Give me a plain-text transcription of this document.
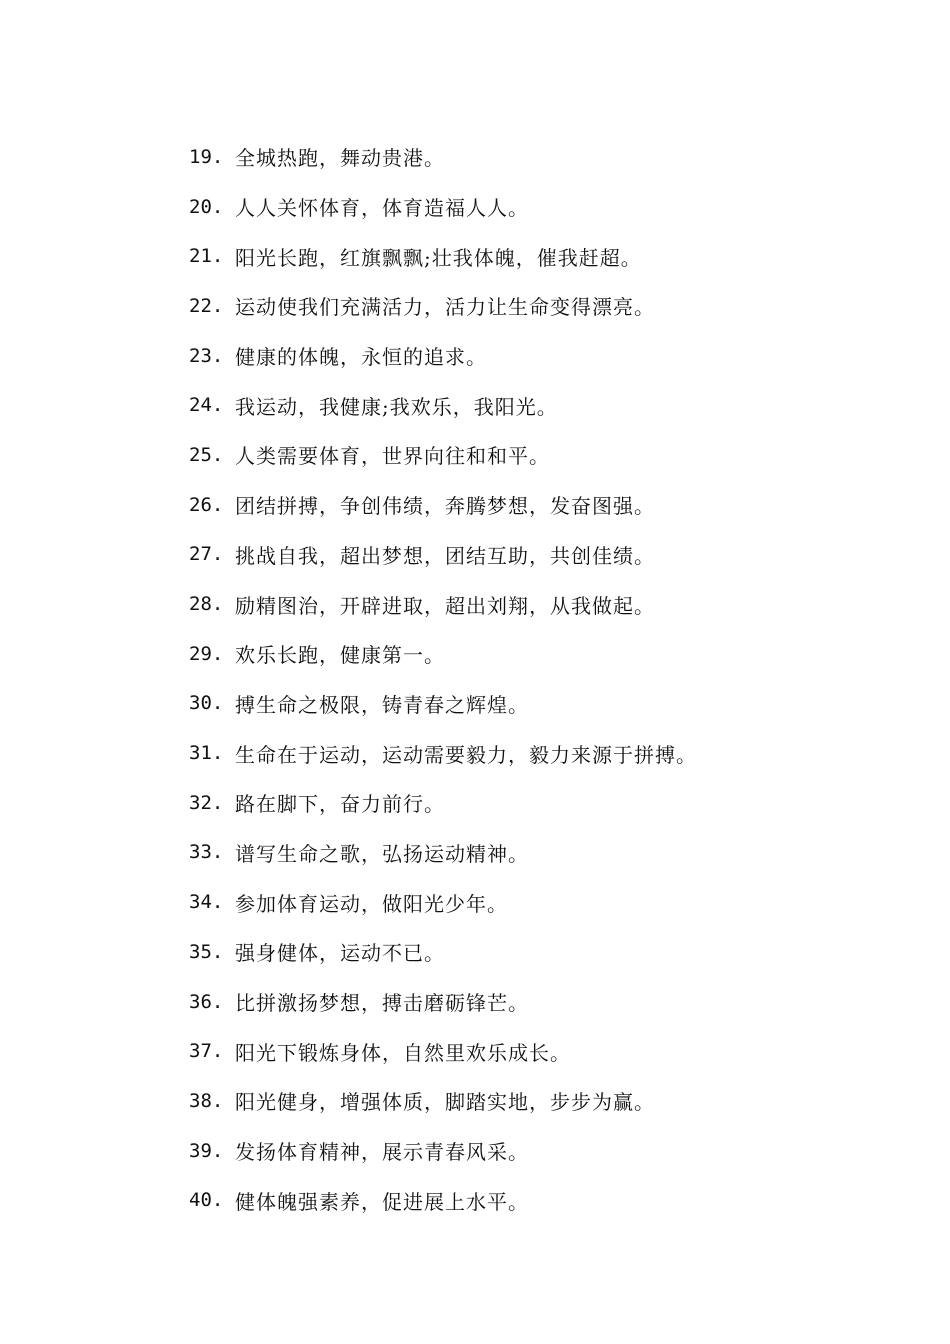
19. 全城热跑，舞动贵港。
20. 人人关怀体育，体育造福人人。
21. 阳光长跑，红旗飘飘;壮我体魄，催我赶超。
22. 运动使我们充满活力，活力让生命变得漂亮。
23. 健康的体魄，永恒的追求。
24. 我运动，我健康;我欢乐，我阳光。
25. 人类需要体育，世界向往和和平。
26. 团结拼搏，争创伟绩，奔腾梦想，发奋图强。
27. 挑战自我，超出梦想，团结互助，共创佳绩。
28. 励精图治，开辟进取，超出刘翔，从我做起。
29. 欢乐长跑，健康第一。
30. 搏生命之极限，铸青春之辉煌。
31. 生命在于运动，运动需要毅力，毅力来源于拼搏。
32. 路在脚下，奋力前行。
33. 谱写生命之歌，弘扬运动精神。
34. 参加体育运动，做阳光少年。
35. 强身健体，运动不已。
36. 比拼激扬梦想，搏击磨砺锋芒。
37. 阳光下锻炼身体，自然里欢乐成长。
38. 阳光健身，增强体质，脚踏实地，步步为赢。
39. 发扬体育精神，展示青春风采。
40. 健体魄强素养，促进展上水平。
